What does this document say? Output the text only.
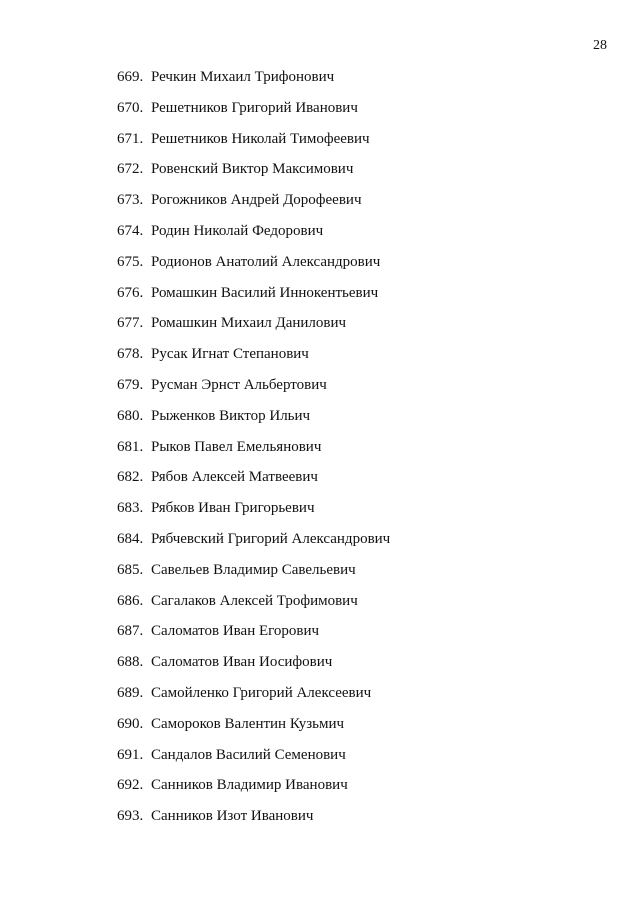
28
669. Речкин Михаил Трифонович
670. Решетников Григорий Иванович
671. Решетников Николай Тимофеевич
672. Ровенский Виктор Максимович
673. Рогожников Андрей Дорофеевич
674. Родин Николай Федорович
675. Родионов Анатолий Александрович
676. Ромашкин Василий Иннокентьевич
677. Ромашкин Михаил Данилович
678. Русак Игнат Степанович
679. Русман Эрнст Альбертович
680. Рыженков Виктор Ильич
681. Рыков Павел Емельянович
682. Рябов Алексей Матвеевич
683. Рябков Иван Григорьевич
684. Рябчевский Григорий Александрович
685. Савельев Владимир Савельевич
686. Сагалаков Алексей Трофимович
687. Саломатов Иван Егорович
688. Саломатов Иван Иосифович
689. Самойленко Григорий Алексеевич
690. Самороков Валентин Кузьмич
691. Сандалов Василий Семенович
692. Санников Владимир Иванович
693. Санников Изот Иванович
